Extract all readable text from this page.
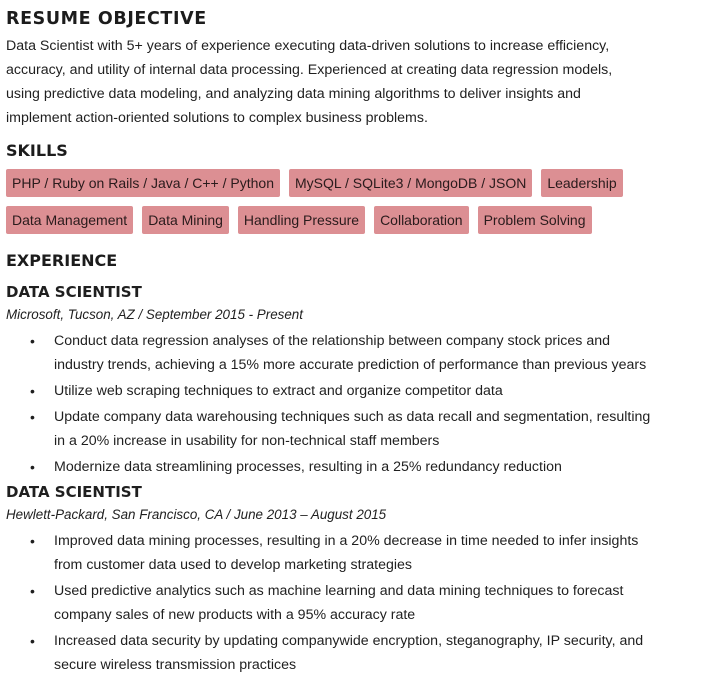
RESUME OBJECTIVE

Data Scientist with 5+ years of experience executing data-driven solutions to increase efficiency,

accuracy, and utility of internal data processing. Experienced at creating data regression models,

using predictive data modeling, and analyzing data mining algorithms to deliver insights and

implement action-oriented solutions to complex business problems.

SKILLS
PHP / Ruby on Rails / Java / C++ / Python	MySQL / SQLite3 / MongoDB / JSON	Leadership
Data Management	Data Mining	Handling Pressure	Collaboration	Problem Solving
EXPERIENCE
DATA SCIENTIST

Microsoft, Tucson, AZ / September 2015 - Present

• Conduct data regression analyses of the relationship between company stock prices and
industry trends, achieving a 15% more accurate prediction of performance than previous years
• Utilize web scraping techniques to extract and organize competitor data
• Update company data warehousing techniques such as data recall and segmentation, resulting
in a 20% increase in usability for non-technical staff members
• Modernize data streamlining processes, resulting in a 25% redundancy reduction
DATA SCIENTIST

Hewlett-Packard, San Francisco, CA / June 2013 – August 2015

• Improved data mining processes, resulting in a 20% decrease in time needed to infer insights
from customer data used to develop marketing strategies
• Used predictive analytics such as machine learning and data mining techniques to forecast
company sales of new products with a 95% accuracy rate
• Increased data security by updating companywide encryption, steganography, IP security, and
secure wireless transmission practices
